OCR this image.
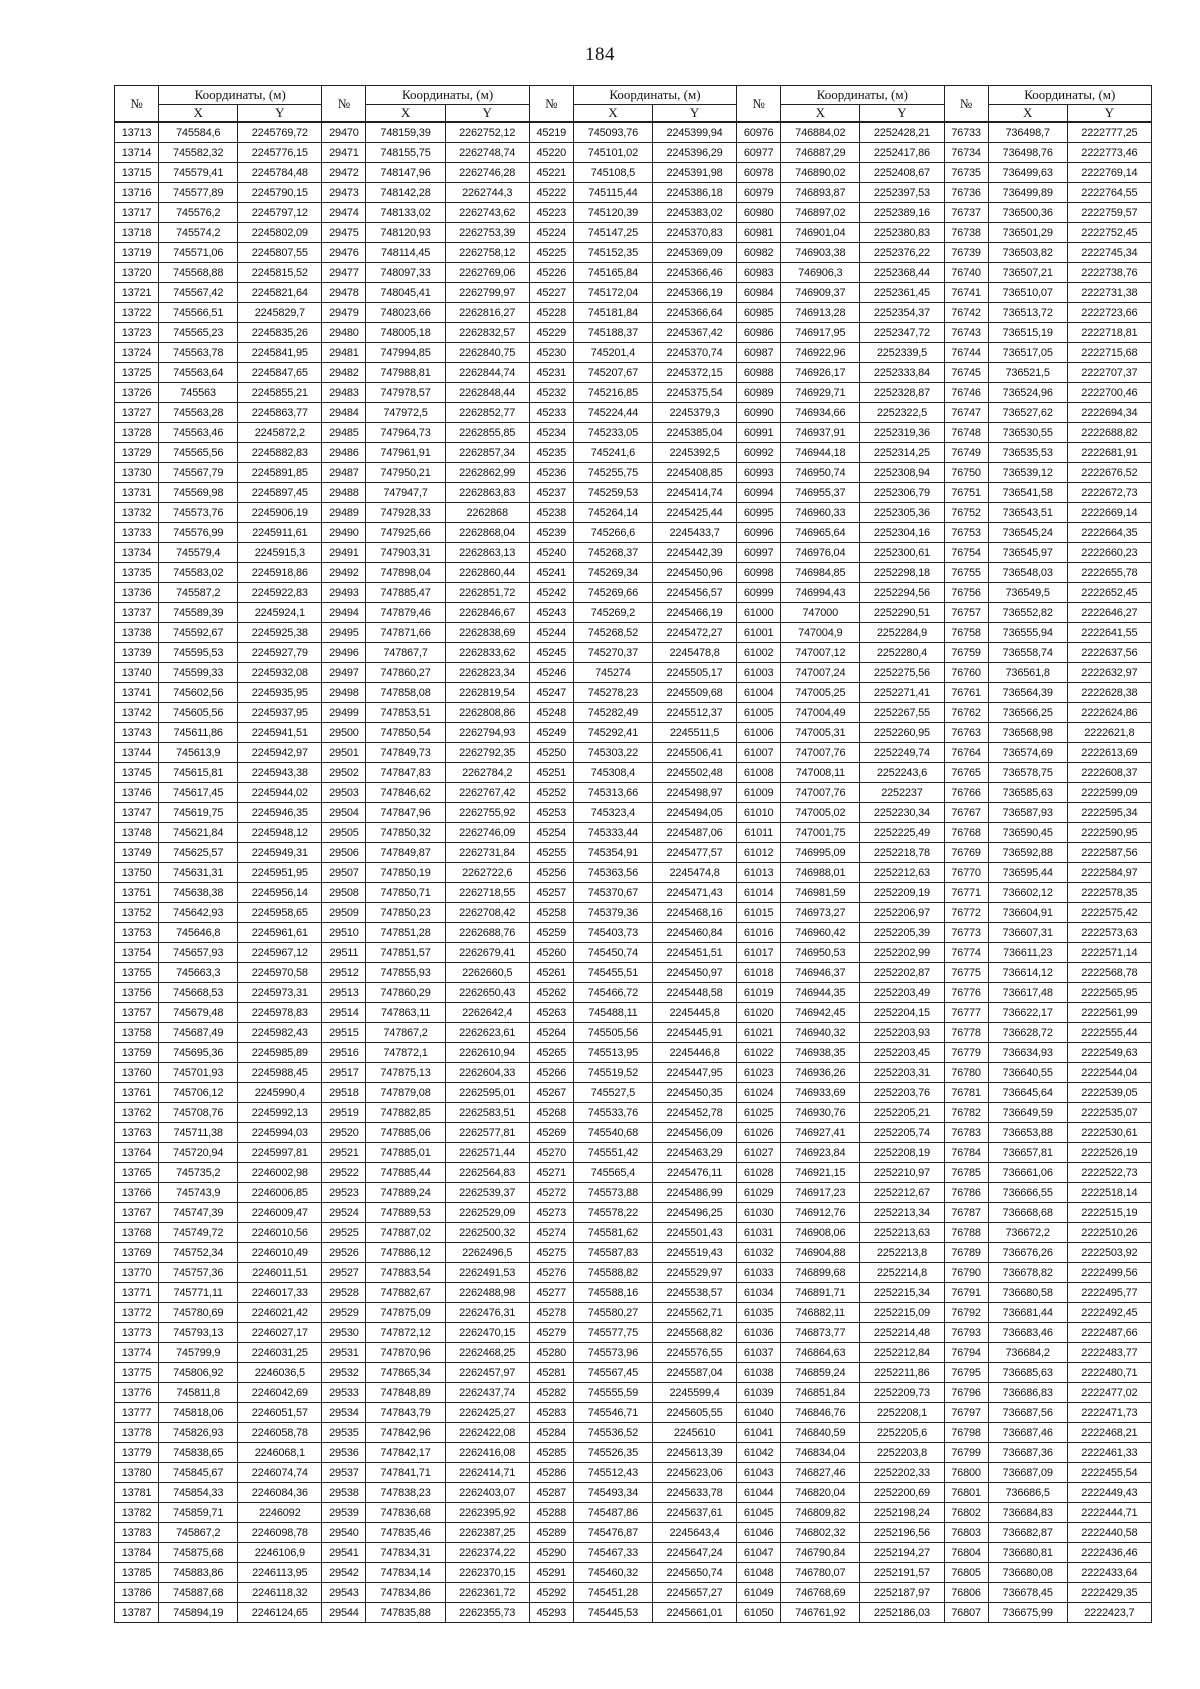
184
№	Координаты, (м)		№	Координаты, (м)		№	Координаты, (м)		№	Координаты, (м)		№	Координаты, (м)	
	X	Y		X	Y		X	Y		X	Y		X	Y
13713	745584,6	2245769,72	29470	748159,39	2262752,12	45219	745093,76	2245399,94	60976	746884,02	2252428,21	76733	736498,7	2222777,25
13714	745582,32	2245776,15	29471	748155,75	2262748,74	45220	745101,02	2245396,29	60977	746887,29	2252417,86	76734	736498,76	2222773,46
13715	745579,41	2245784,48	29472	748147,96	2262746,28	45221	745108,5	2245391,98	60978	746890,02	2252408,67	76735	736499,63	2222769,14
13716	745577,89	2245790,15	29473	748142,28	2262744,3	45222	745115,44	2245386,18	60979	746893,87	2252397,53	76736	736499,89	2222764,55
13717	745576,2	2245797,12	29474	748133,02	2262743,62	45223	745120,39	2245383,02	60980	746897,02	2252389,16	76737	736500,36	2222759,57
13718	745574,2	2245802,09	29475	748120,93	2262753,39	45224	745147,25	2245370,83	60981	746901,04	2252380,83	76738	736501,29	2222752,45
13719	745571,06	2245807,55	29476	748114,45	2262758,12	45225	745152,35	2245369,09	60982	746903,38	2252376,22	76739	736503,82	2222745,34
13720	745568,88	2245815,52	29477	748097,33	2262769,06	45226	745165,84	2245366,46	60983	746906,3	2252368,44	76740	736507,21	2222738,76
13721	745567,42	2245821,64	29478	748045,41	2262799,97	45227	745172,04	2245366,19	60984	746909,37	2252361,45	76741	736510,07	2222731,38
13722	745566,51	2245829,7	29479	748023,66	2262816,27	45228	745181,84	2245366,64	60985	746913,28	2252354,37	76742	736513,72	2222723,66
13723	745565,23	2245835,26	29480	748005,18	2262832,57	45229	745188,37	2245367,42	60986	746917,95	2252347,72	76743	736515,19	2222718,81
13724	745563,78	2245841,95	29481	747994,85	2262840,75	45230	745201,4	2245370,74	60987	746922,96	2252339,5	76744	736517,05	2222715,68
13725	745563,64	2245847,65	29482	747988,81	2262844,74	45231	745207,67	2245372,15	60988	746926,17	2252333,84	76745	736521,5	2222707,37
13726	745563	2245855,21	29483	747978,57	2262848,44	45232	745216,85	2245375,54	60989	746929,71	2252328,87	76746	736524,96	2222700,46
13727	745563,28	2245863,77	29484	747972,5	2262852,77	45233	745224,44	2245379,3	60990	746934,66	2252322,5	76747	736527,62	2222694,34
13728	745563,46	2245872,2	29485	747964,73	2262855,85	45234	745233,05	2245385,04	60991	746937,91	2252319,36	76748	736530,55	2222688,82
13729	745565,56	2245882,83	29486	747961,91	2262857,34	45235	745241,6	2245392,5	60992	746944,18	2252314,25	76749	736535,53	2222681,91
13730	745567,79	2245891,85	29487	747950,21	2262862,99	45236	745255,75	2245408,85	60993	746950,74	2252308,94	76750	736539,12	2222676,52
13731	745569,98	2245897,45	29488	747947,7	2262863,83	45237	745259,53	2245414,74	60994	746955,37	2252306,79	76751	736541,58	2222672,73
13732	745573,76	2245906,19	29489	747928,33	2262868	45238	745264,14	2245425,44	60995	746960,33	2252305,36	76752	736543,51	2222669,14
13733	745576,99	2245911,61	29490	747925,66	2262868,04	45239	745266,6	2245433,7	60996	746965,64	2252304,16	76753	736545,24	2222664,35
13734	745579,4	2245915,3	29491	747903,31	2262863,13	45240	745268,37	2245442,39	60997	746976,04	2252300,61	76754	736545,97	2222660,23
13735	745583,02	2245918,86	29492	747898,04	2262860,44	45241	745269,34	2245450,96	60998	746984,85	2252298,18	76755	736548,03	2222655,78
13736	745587,2	2245922,83	29493	747885,47	2262851,72	45242	745269,66	2245456,57	60999	746994,43	2252294,56	76756	736549,5	2222652,45
13737	745589,39	2245924,1	29494	747879,46	2262846,67	45243	745269,2	2245466,19	61000	747000	2252290,51	76757	736552,82	2222646,27
13738	745592,67	2245925,38	29495	747871,66	2262838,69	45244	745268,52	2245472,27	61001	747004,9	2252284,9	76758	736555,94	2222641,55
13739	745595,53	2245927,79	29496	747867,7	2262833,62	45245	745270,37	2245478,8	61002	747007,12	2252280,4	76759	736558,74	2222637,56
13740	745599,33	2245932,08	29497	747860,27	2262823,34	45246	745274	2245505,17	61003	747007,24	2252275,56	76760	736561,8	2222632,97
13741	745602,56	2245935,95	29498	747858,08	2262819,54	45247	745278,23	2245509,68	61004	747005,25	2252271,41	76761	736564,39	2222628,38
13742	745605,56	2245937,95	29499	747853,51	2262808,86	45248	745282,49	2245512,37	61005	747004,49	2252267,55	76762	736566,25	2222624,86
13743	745611,86	2245941,51	29500	747850,54	2262794,93	45249	745292,41	2245511,5	61006	747005,31	2252260,95	76763	736568,98	2222621,8
13744	745613,9	2245942,97	29501	747849,73	2262792,35	45250	745303,22	2245506,41	61007	747007,76	2252249,74	76764	736574,69	2222613,69
13745	745615,81	2245943,38	29502	747847,83	2262784,2	45251	745308,4	2245502,48	61008	747008,11	2252243,6	76765	736578,75	2222608,37
13746	745617,45	2245944,02	29503	747846,62	2262767,42	45252	745313,66	2245498,97	61009	747007,76	2252237	76766	736585,63	2222599,09
13747	745619,75	2245946,35	29504	747847,96	2262755,92	45253	745323,4	2245494,05	61010	747005,02	2252230,34	76767	736587,93	2222595,34
13748	745621,84	2245948,12	29505	747850,32	2262746,09	45254	745333,44	2245487,06	61011	747001,75	2252225,49	76768	736590,45	2222590,95
13749	745625,57	2245949,31	29506	747849,87	2262731,84	45255	745354,91	2245477,57	61012	746995,09	2252218,78	76769	736592,88	2222587,56
13750	745631,31	2245951,95	29507	747850,19	2262722,6	45256	745363,56	2245474,8	61013	746988,01	2252212,63	76770	736595,44	2222584,97
13751	745638,38	2245956,14	29508	747850,71	2262718,55	45257	745370,67	2245471,43	61014	746981,59	2252209,19	76771	736602,12	2222578,35
13752	745642,93	2245958,65	29509	747850,23	2262708,42	45258	745379,36	2245468,16	61015	746973,27	2252206,97	76772	736604,91	2222575,42
13753	745646,8	2245961,61	29510	747851,28	2262688,76	45259	745403,73	2245460,84	61016	746960,42	2252205,39	76773	736607,31	2222573,63
13754	745657,93	2245967,12	29511	747851,57	2262679,41	45260	745450,74	2245451,51	61017	746950,53	2252202,99	76774	736611,23	2222571,14
13755	745663,3	2245970,58	29512	747855,93	2262660,5	45261	745455,51	2245450,97	61018	746946,37	2252202,87	76775	736614,12	2222568,78
13756	745668,53	2245973,31	29513	747860,29	2262650,43	45262	745466,72	2245448,58	61019	746944,35	2252203,49	76776	736617,48	2222565,95
13757	745679,48	2245978,83	29514	747863,11	2262642,4	45263	745488,11	2245445,8	61020	746942,45	2252204,15	76777	736622,17	2222561,99
13758	745687,49	2245982,43	29515	747867,2	2262623,61	45264	745505,56	2245445,91	61021	746940,32	2252203,93	76778	736628,72	2222555,44
13759	745695,36	2245985,89	29516	747872,1	2262610,94	45265	745513,95	2245446,8	61022	746938,35	2252203,45	76779	736634,93	2222549,63
13760	745701,93	2245988,45	29517	747875,13	2262604,33	45266	745519,52	2245447,95	61023	746936,26	2252203,31	76780	736640,55	2222544,04
13761	745706,12	2245990,4	29518	747879,08	2262595,01	45267	745527,5	2245450,35	61024	746933,69	2252203,76	76781	736645,64	2222539,05
13762	745708,76	2245992,13	29519	747882,85	2262583,51	45268	745533,76	2245452,78	61025	746930,76	2252205,21	76782	736649,59	2222535,07
13763	745711,38	2245994,03	29520	747885,06	2262577,81	45269	745540,68	2245456,09	61026	746927,41	2252205,74	76783	736653,88	2222530,61
13764	745720,94	2245997,81	29521	747885,01	2262571,44	45270	745551,42	2245463,29	61027	746923,84	2252208,19	76784	736657,81	2222526,19
13765	745735,2	2246002,98	29522	747885,44	2262564,83	45271	745565,4	2245476,11	61028	746921,15	2252210,97	76785	736661,06	2222522,73
13766	745743,9	2246006,85	29523	747889,24	2262539,37	45272	745573,88	2245486,99	61029	746917,23	2252212,67	76786	736666,55	2222518,14
13767	745747,39	2246009,47	29524	747889,53	2262529,09	45273	745578,22	2245496,25	61030	746912,76	2252213,34	76787	736668,68	2222515,19
13768	745749,72	2246010,56	29525	747887,02	2262500,32	45274	745581,62	2245501,43	61031	746908,06	2252213,63	76788	736672,2	2222510,26
13769	745752,34	2246010,49	29526	747886,12	2262496,5	45275	745587,83	2245519,43	61032	746904,88	2252213,8	76789	736676,26	2222503,92
13770	745757,36	2246011,51	29527	747883,54	2262491,53	45276	745588,82	2245529,97	61033	746899,68	2252214,8	76790	736678,82	2222499,56
13771	745771,11	2246017,33	29528	747882,67	2262488,98	45277	745588,16	2245538,57	61034	746891,71	2252215,34	76791	736680,58	2222495,77
13772	745780,69	2246021,42	29529	747875,09	2262476,31	45278	745580,27	2245562,71	61035	746882,11	2252215,09	76792	736681,44	2222492,45
13773	745793,13	2246027,17	29530	747872,12	2262470,15	45279	745577,75	2245568,82	61036	746873,77	2252214,48	76793	736683,46	2222487,66
13774	745799,9	2246031,25	29531	747870,96	2262468,25	45280	745573,96	2245576,55	61037	746864,63	2252212,84	76794	736684,2	2222483,77
13775	745806,92	2246036,5	29532	747865,34	2262457,97	45281	745567,45	2245587,04	61038	746859,24	2252211,86	76795	736685,63	2222480,71
13776	745811,8	2246042,69	29533	747848,89	2262437,74	45282	745555,59	2245599,4	61039	746851,84	2252209,73	76796	736686,83	2222477,02
13777	745818,06	2246051,57	29534	747843,79	2262425,27	45283	745546,71	2245605,55	61040	746846,76	2252208,1	76797	736687,56	2222471,73
13778	745826,93	2246058,78	29535	747842,96	2262422,08	45284	745536,52	2245610	61041	746840,59	2252205,6	76798	736687,46	2222468,21
13779	745838,65	2246068,1	29536	747842,17	2262416,08	45285	745526,35	2245613,39	61042	746834,04	2252203,8	76799	736687,36	2222461,33
13780	745845,67	2246074,74	29537	747841,71	2262414,71	45286	745512,43	2245623,06	61043	746827,46	2252202,33	76800	736687,09	2222455,54
13781	745854,33	2246084,36	29538	747838,23	2262403,07	45287	745493,34	2245633,78	61044	746820,04	2252200,69	76801	736686,5	2222449,43
13782	745859,71	2246092	29539	747836,68	2262395,92	45288	745487,86	2245637,61	61045	746809,82	2252198,24	76802	736684,83	2222444,71
13783	745867,2	2246098,78	29540	747835,46	2262387,25	45289	745476,87	2245643,4	61046	746802,32	2252196,56	76803	736682,87	2222440,58
13784	745875,68	2246106,9	29541	747834,31	2262374,22	45290	745467,33	2245647,24	61047	746790,84	2252194,27	76804	736680,81	2222436,46
13785	745883,86	2246113,95	29542	747834,14	2262370,15	45291	745460,32	2245650,74	61048	746780,07	2252191,57	76805	736680,08	2222433,64
13786	745887,68	2246118,32	29543	747834,86	2262361,72	45292	745451,28	2245657,27	61049	746768,69	2252187,97	76806	736678,45	2222429,35
13787	745894,19	2246124,65	29544	747835,88	2262355,73	45293	745445,53	2245661,01	61050	746761,92	2252186,03	76807	736675,99	2222423,7
